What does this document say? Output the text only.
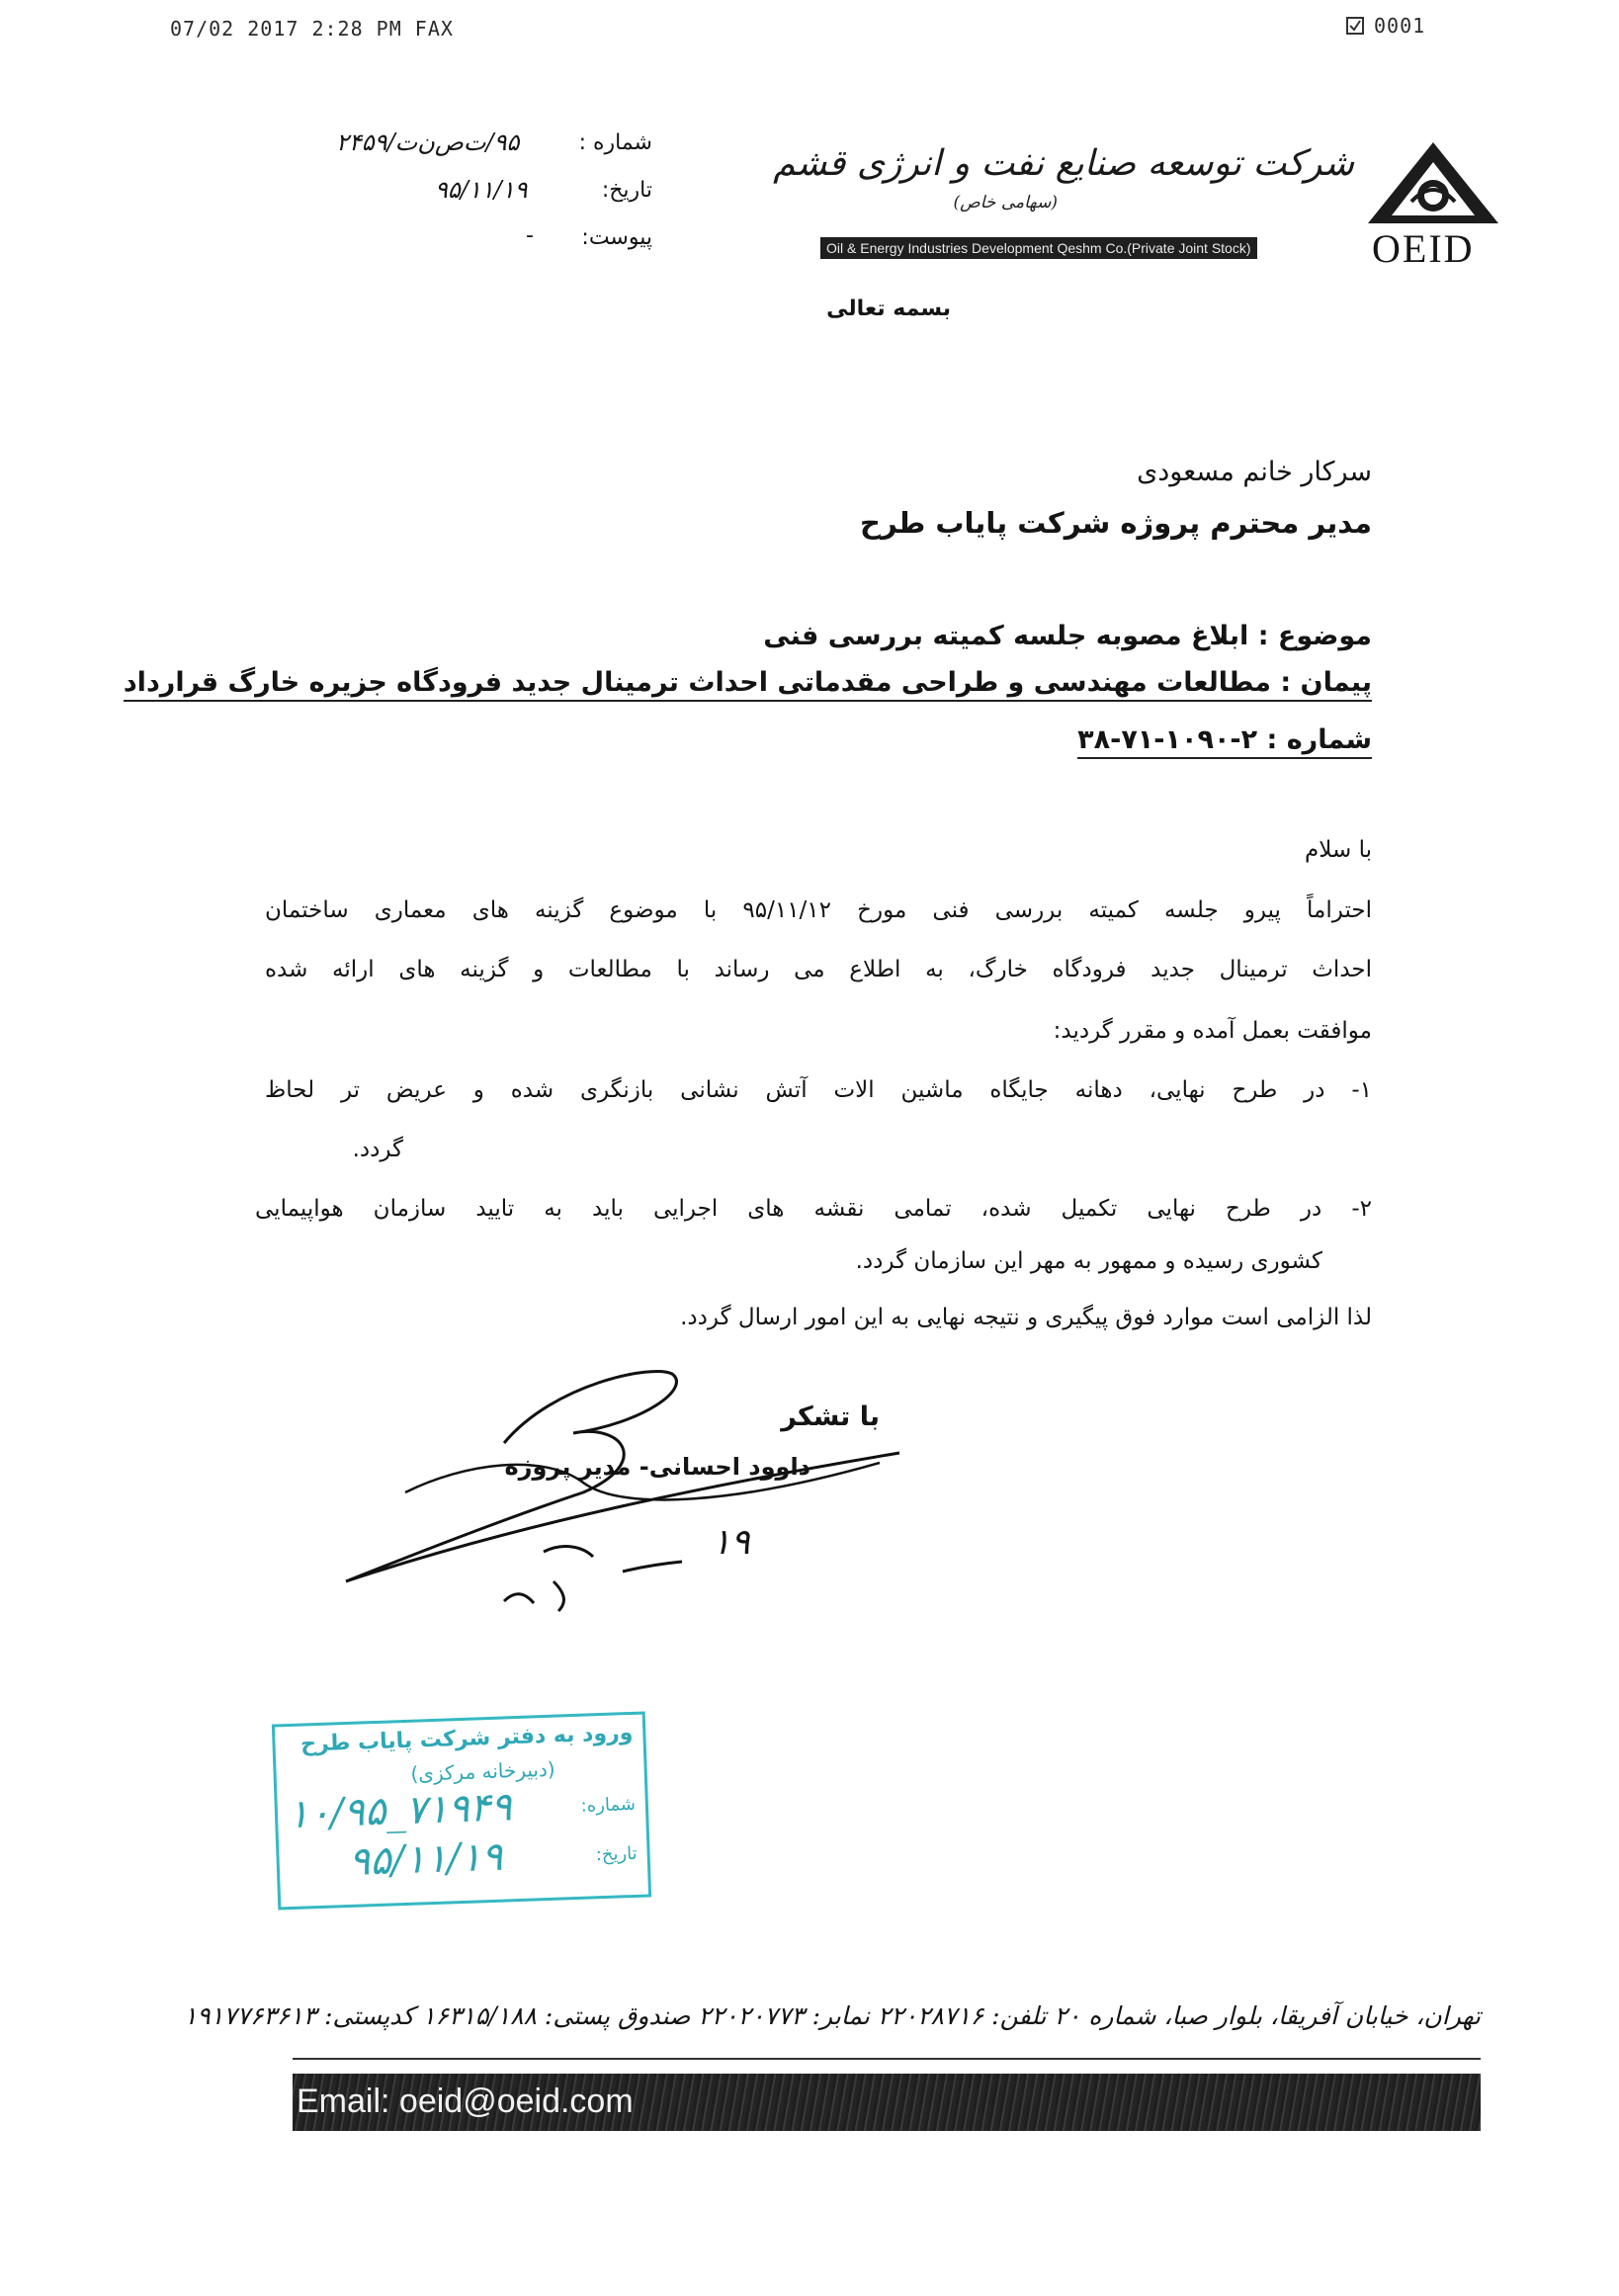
07/02 2017 2:28 PM FAX	0001
شرکت توسعه صنایع نفت و انرژی قشم
(سهامی خاص)
Oil & Energy Industries Development Qeshm Co.(Private Joint Stock)	OEID
شماره :
۹۵/ت‌ص‌ن‌ت/۲۴۵۹
تاریخ:
۹۵/۱۱/۱۹
پیوست:
-
بسمه تعالی
سرکار خانم مسعودی
مدیر محترم پروژه شرکت پایاب طرح
موضوع : ابلاغ مصوبه جلسه کمیته بررسی فنی
پیمان : مطالعات مهندسی و طراحی مقدماتی احداث ترمینال جدید فرودگاه جزیره خارگ قرارداد
شماره : ۲-۱۰۹۰-۷۱-۳۸
با سلام
احتراماً پیرو جلسه کمیته بررسی فنی مورخ ۹۵/۱۱/۱۲ با موضوع گزینه های معماری ساختمان
احداث ترمینال جدید فرودگاه خارگ، به اطلاع می رساند با مطالعات و گزینه های ارائه شده
موافقت بعمل آمده و مقرر گردید:
۱- در طرح نهایی، دهانه جایگاه ماشین الات آتش نشانی بازنگری شده و عریض تر لحاظ
گردد.
۲- در طرح نهایی تکمیل شده، تمامی نقشه های اجرایی باید به تایید سازمان هواپیمایی
کشوری رسیده و ممهور به مهر این سازمان گردد.
لذا الزامی است موارد فوق پیگیری و نتیجه نهایی به این امور ارسال گردد.
با تشکر
داوود احسانی- مدیر پروژه
۱۹
ورود به دفتر شرکت پایاب طرح
(دبیرخانه مرکزی)
شماره:
تاریخ:
۱۰/۹۵_۷۱۹۴۹
۹۵/۱۱/۱۹
تهران، خیابان آفریقا، بلوار صبا، شماره ۲۰ تلفن: ۲۲۰۲۸۷۱۶ نمابر: ۲۲۰۲۰۷۷۳ صندوق پستی: ۱۶۳۱۵/۱۸۸ کدپستی: ۱۹۱۷۷۶۳۶۱۳
Email: oeid@oeid.com
